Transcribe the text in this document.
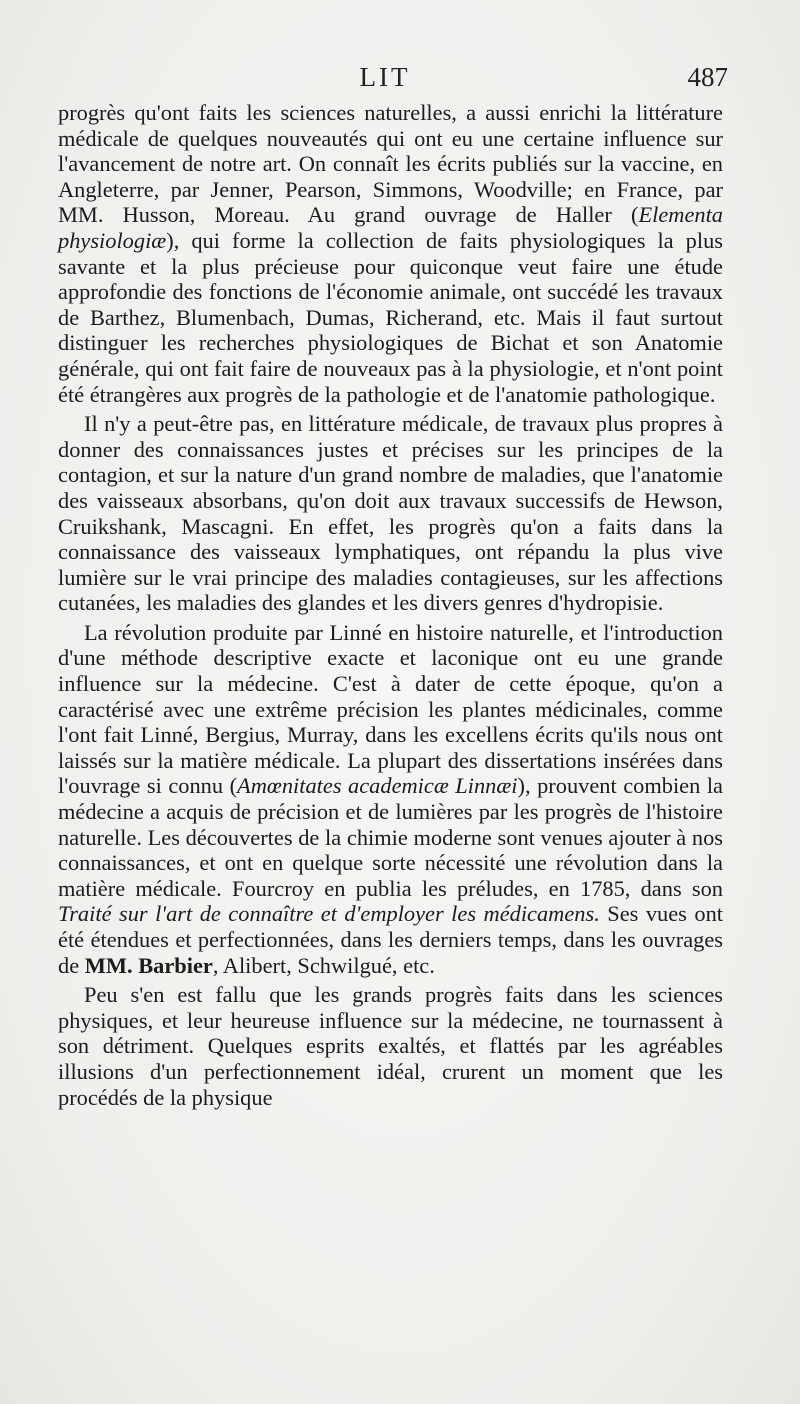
LIT	487

progrès qu'ont faits les sciences naturelles, a aussi enrichi la littérature médicale de quelques nouveautés qui ont eu une certaine influence sur l'avancement de notre art. On connaît les écrits publiés sur la vaccine, en Angleterre, par Jenner, Pearson, Simmons, Woodville; en France, par MM. Husson, Moreau. Au grand ouvrage de Haller (Elementa physiologiæ), qui forme la collection de faits physiologiques la plus savante et la plus précieuse pour quiconque veut faire une étude approfondie des fonctions de l'économie animale, ont succédé les travaux de Barthez, Blumenbach, Dumas, Richerand, etc. Mais il faut surtout distinguer les recherches physiologiques de Bichat et son Anatomie générale, qui ont fait faire de nouveaux pas à la physiologie, et n'ont point été étrangères aux progrès de la pathologie et de l'anatomie pathologique.

Il n'y a peut-être pas, en littérature médicale, de travaux plus propres à donner des connaissances justes et précises sur les principes de la contagion, et sur la nature d'un grand nombre de maladies, que l'anatomie des vaisseaux absorbans, qu'on doit aux travaux successifs de Hewson, Cruikshank, Mascagni. En effet, les progrès qu'on a faits dans la connaissance des vaisseaux lymphatiques, ont répandu la plus vive lumière sur le vrai principe des maladies contagieuses, sur les affections cutanées, les maladies des glandes et les divers genres d'hydropisie.

La révolution produite par Linné en histoire naturelle, et l'introduction d'une méthode descriptive exacte et laconique ont eu une grande influence sur la médecine. C'est à dater de cette époque, qu'on a caractérisé avec une extrême précision les plantes médicinales, comme l'ont fait Linné, Bergius, Murray, dans les excellens écrits qu'ils nous ont laissés sur la matière médicale. La plupart des dissertations insérées dans l'ouvrage si connu (Amœnitates academicæ Linnæi), prouvent combien la médecine a acquis de précision et de lumières par les progrès de l'histoire naturelle. Les découvertes de la chimie moderne sont venues ajouter à nos connaissances, et ont en quelque sorte nécessité une révolution dans la matière médicale. Fourcroy en publia les préludes, en 1785, dans son Traité sur l'art de connaître et d'employer les médicamens. Ses vues ont été étendues et perfectionnées, dans les derniers temps, dans les ouvrages de MM. Barbier, Alibert, Schwilgué, etc.

Peu s'en est fallu que les grands progrès faits dans les sciences physiques, et leur heureuse influence sur la médecine, ne tournassent à son détriment. Quelques esprits exaltés, et flattés par les agréables illusions d'un perfectionnement idéal, crurent un moment que les procédés de la physique
